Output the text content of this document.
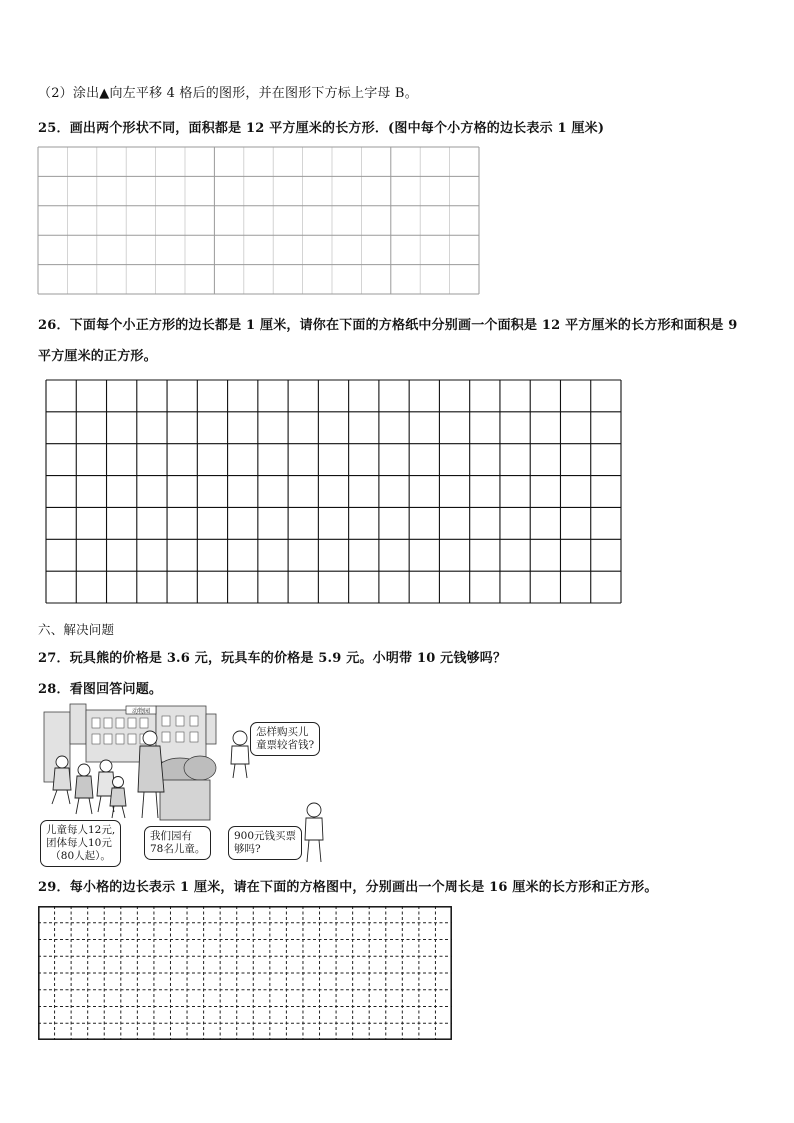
（2）涂出▲向左平移 4 格后的图形，并在图形下方标上字母 B。
25．画出两个形状不同，面积都是 12 平方厘米的长方形．(图中每个小方格的边长表示 1 厘米)
26．下面每个小正方形的边长都是 1 厘米，请你在下面的方格纸中分别画一个面积是 12 平方厘米的长方形和面积是 9
平方厘米的正方形。
六、解决问题
27．玩具熊的价格是 3.6 元，玩具车的价格是 5.9 元。小明带 10 元钱够吗？
28．看图回答问题。
动物园
怎样购买儿
童票较省钱?
儿童每人12元,
团体每人10元
（80人起）。
我们园有
78名儿童。
900元钱买票
够吗?
29．每小格的边长表示 1 厘米，请在下面的方格图中，分别画出一个周长是 16 厘米的长方形和正方形。
